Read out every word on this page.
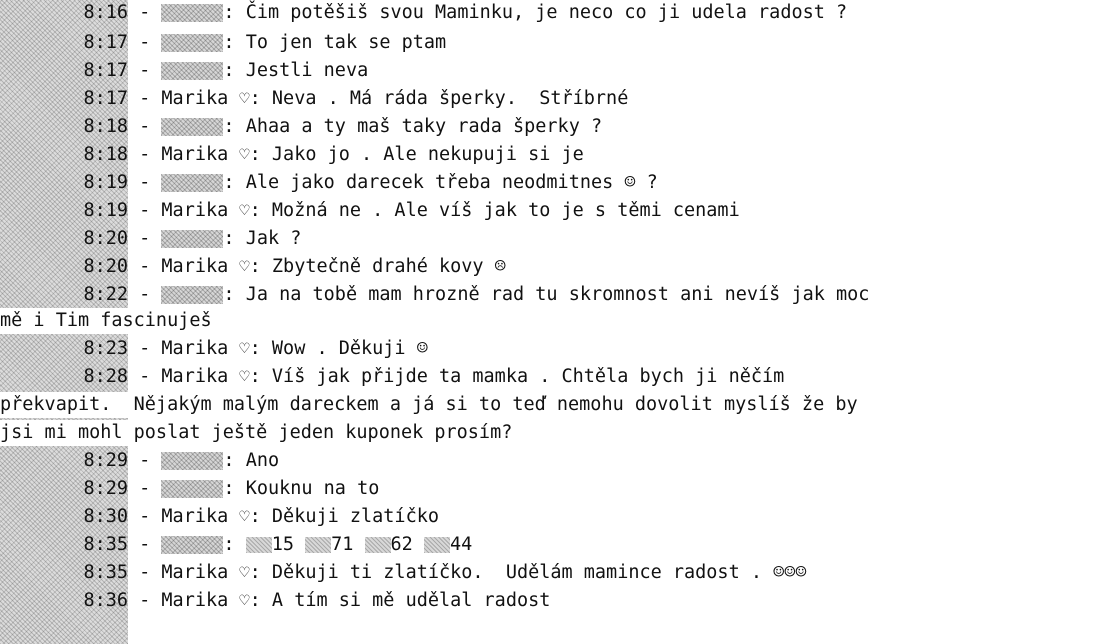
8:16 -	: Čim potěšiš svou Maminku, je neco co ji udela radost ?
8:17 -	: To jen tak se ptam
8:17 -	: Jestli neva
8:17 - Marika ♡: Neva . Má ráda šperky.  Stříbrné
8:18 -	: Ahaa a ty maš taky rada šperky ?
8:18 - Marika ♡: Jako jo . Ale nekupuji si je
8:19 -	: Ale jako darecek třeba neodmitnes ☺ ?
8:19 - Marika ♡: Možná ne . Ale víš jak to je s těmi cenami
8:20 -	: Jak ?
8:20 - Marika ♡: Zbytečně drahé kovy ☹
8:22 -	: Ja na tobě mam hrozně rad tu skromnost ani nevíš jak moc
mě i Tim fascinuješ
8:23 - Marika ♡: Wow . Děkuji ☺
8:28 - Marika ♡: Víš jak přijde ta mamka . Chtěla bych ji něčím
překvapit.  Nějakým malým dareckem a já si to teď nemohu dovolit myslíš že by
jsi mi mohl poslat ještě jeden kuponek prosím?
8:29 -	: Ano
8:29 -	: Kouknu na to
8:30 - Marika ♡: Děkuji zlatíčko
8:35 -	: 15 71 62 44
8:35 - Marika ♡: Děkuji ti zlatíčko.  Udělám mamince radost . ☺☺☺
8:36 - Marika ♡: A tím si mě udělal radost
